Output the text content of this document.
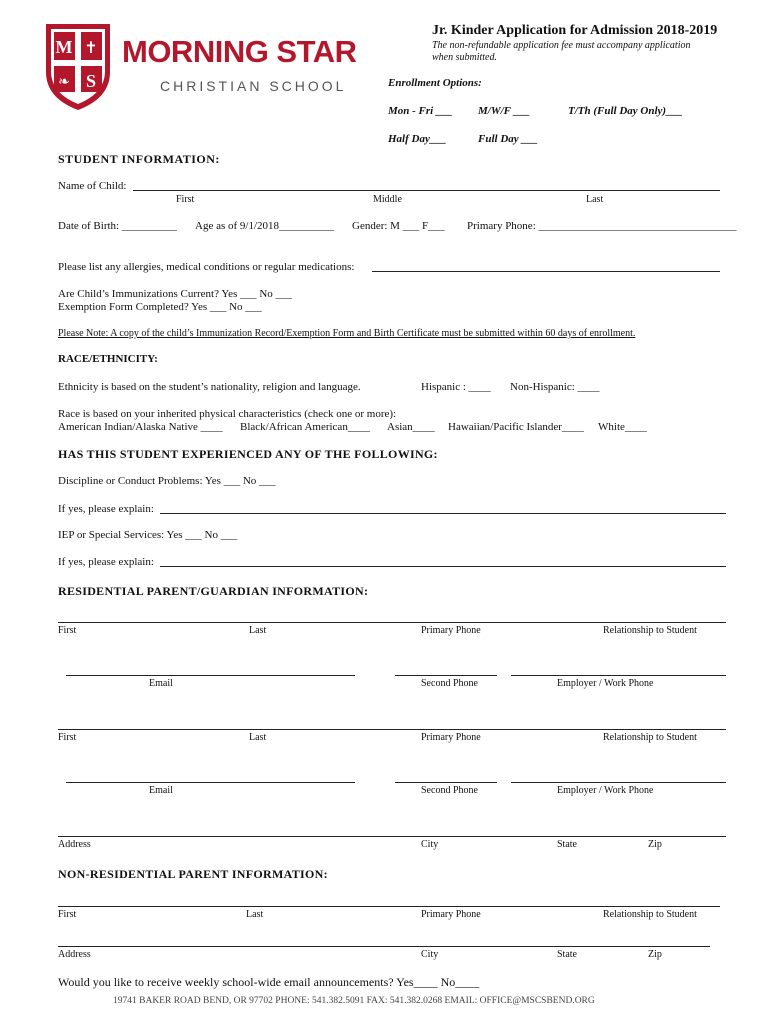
M ✝
❧ S
MORNING STAR
CHRISTIAN SCHOOL
Jr. Kinder Application for Admission 2018-2019
The non-refundable application fee must accompany application
when submitted.
Enrollment Options:
Mon - Fri ___ M/W/F ___	T/Th (Full Day Only)___
Half Day___	Full Day ___
STUDENT INFORMATION:
Name of Child:
First	Middle	Last
Date of Birth: __________ Age as of 9/1/2018__________ Gender: M ___ F___ Primary Phone: ____________________________________
Please list any allergies, medical conditions or regular medications:
Are Child’s Immunizations Current? Yes ___ No ___
Exemption Form Completed? Yes ___ No ___
Please Note: A copy of the child’s Immunization Record/Exemption Form and Birth Certificate must be submitted within 60 days of enrollment.
RACE/ETHNICITY:
Ethnicity is based on the student’s nationality, religion and language.	Hispanic : ____ Non-Hispanic: ____
Race is based on your inherited physical characteristics (check one or more):
American Indian/Alaska Native ____ Black/African American____ Asian____ Hawaiian/Pacific Islander____ White____
HAS THIS STUDENT EXPERIENCED ANY OF THE FOLLOWING:
Discipline or Conduct Problems: Yes ___ No ___
If yes, please explain:
IEP or Special Services: Yes ___ No ___
If yes, please explain:
RESIDENTIAL PARENT/GUARDIAN INFORMATION:
First	Last	Primary Phone	Relationship to Student
Email	Second Phone	Employer / Work Phone
First	Last	Primary Phone	Relationship to Student
Email	Second Phone	Employer / Work Phone
Address	City	State	Zip
NON-RESIDENTIAL PARENT INFORMATION:
First	Last	Primary Phone	Relationship to Student
Address	City	State	Zip
Would you like to receive weekly school-wide email announcements? Yes____ No____
19741 BAKER ROAD BEND, OR 97702 PHONE: 541.382.5091 FAX: 541.382.0268 EMAIL: OFFICE@MSCSBEND.ORG
